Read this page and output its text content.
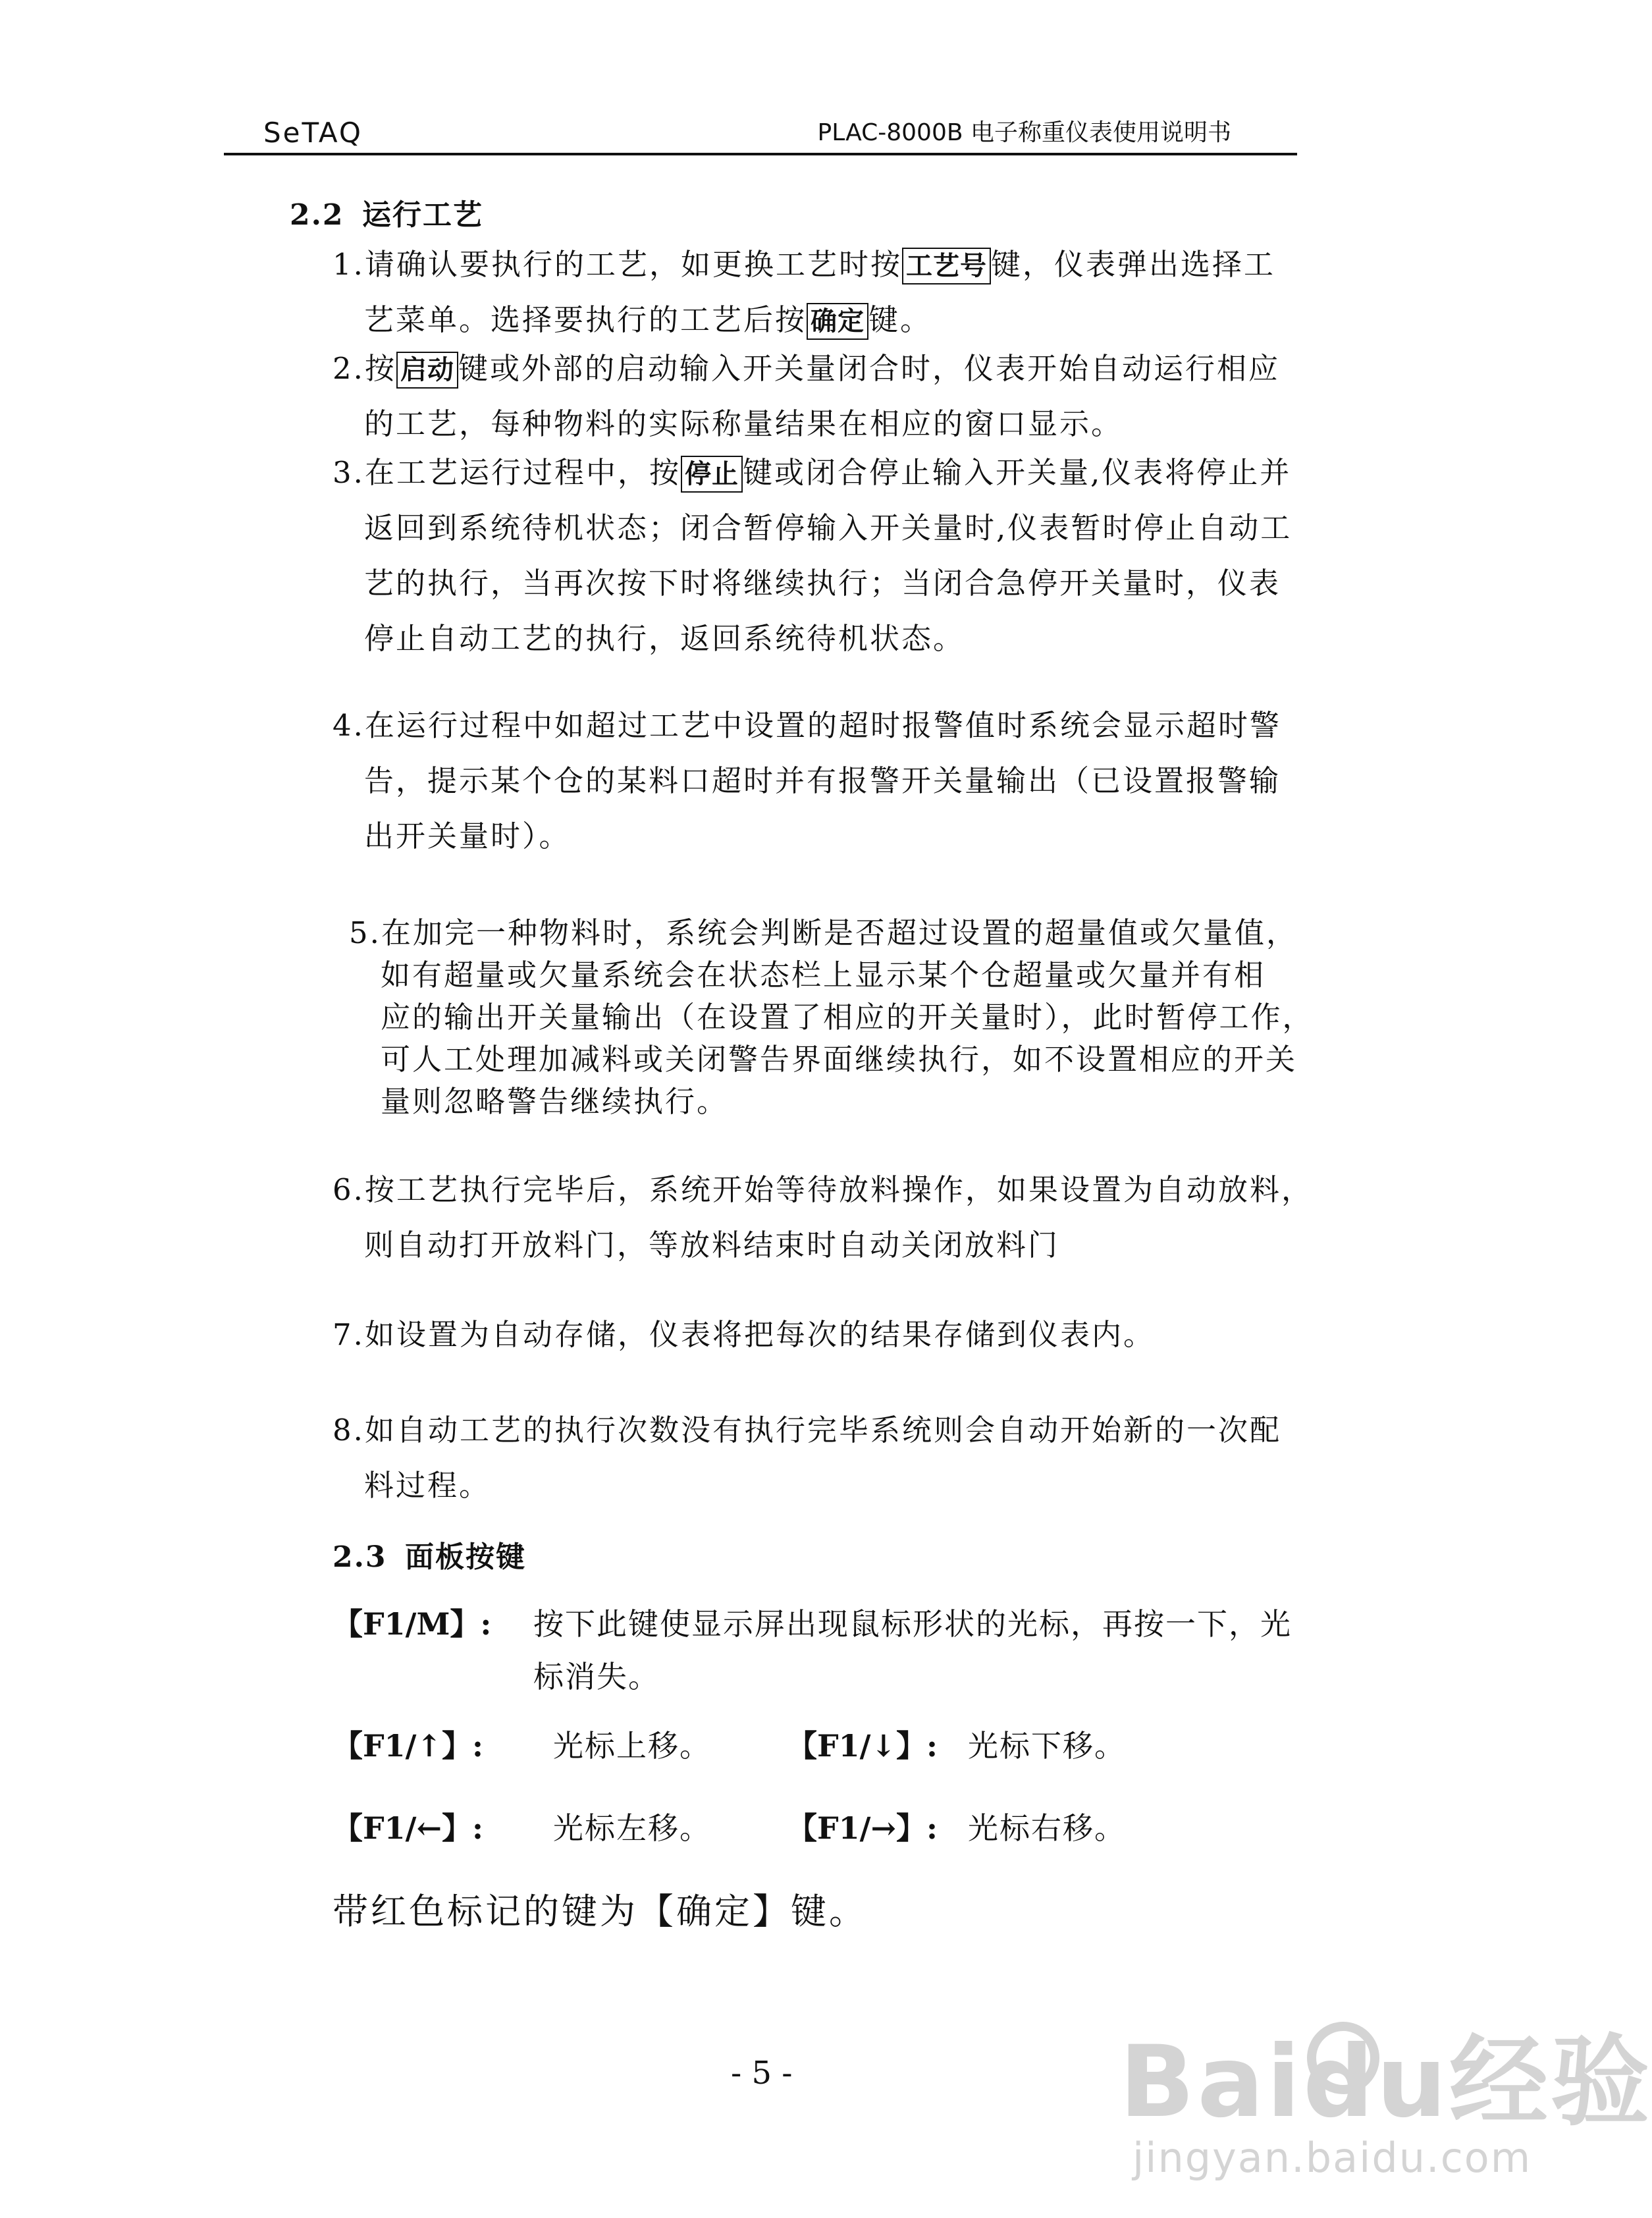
SeTAQ	PLAC-8000B 电子称重仪表使用说明书
2.2 运行工艺
1.请确认要执行的工艺，如更换工艺时按 工艺号 键，仪表弹出选择工
艺菜单。选择要执行的工艺后按 确定 键。
2.按 启动 键或外部的启动输入开关量闭合时，仪表开始自动运行相应
的工艺，每种物料的实际称量结果在相应的窗口显示。
3.在工艺运行过程中，按 停止 键或闭合停止输入开关量,仪表将停止并
返回到系统待机状态；闭合暂停输入开关量时,仪表暂时停止自动工
艺的执行，当再次按下时将继续执行；当闭合急停开关量时，仪表
停止自动工艺的执行，返回系统待机状态。
4.在运行过程中如超过工艺中设置的超时报警值时系统会显示超时警
告，提示某个仓的某料口超时并有报警开关量输出（已设置报警输
出开关量时）。
5.在加完一种物料时，系统会判断是否超过设置的超量值或欠量值，
如有超量或欠量系统会在状态栏上显示某个仓超量或欠量并有相
应的输出开关量输出（在设置了相应的开关量时），此时暂停工作，
可人工处理加减料或关闭警告界面继续执行，如不设置相应的开关
量则忽略警告继续执行。
6.按工艺执行完毕后，系统开始等待放料操作，如果设置为自动放料，
则自动打开放料门，等放料结束时自动关闭放料门
7.如设置为自动存储，仪表将把每次的结果存储到仪表内。
8.如自动工艺的执行次数没有执行完毕系统则会自动开始新的一次配
料过程。
2.3 面板按键
【F1/M】: 按下此键使显示屏出现鼠标形状的光标，再按一下，光
标消失。
【F1/↑】: 光标上移。	【F1/↓】: 光标下移。
【F1/←】: 光标左移。	【F1/→】: 光标右移。
带红色标记的键为【确定】键。
- 5 -	Baidu经验
jingyan.baidu.com
